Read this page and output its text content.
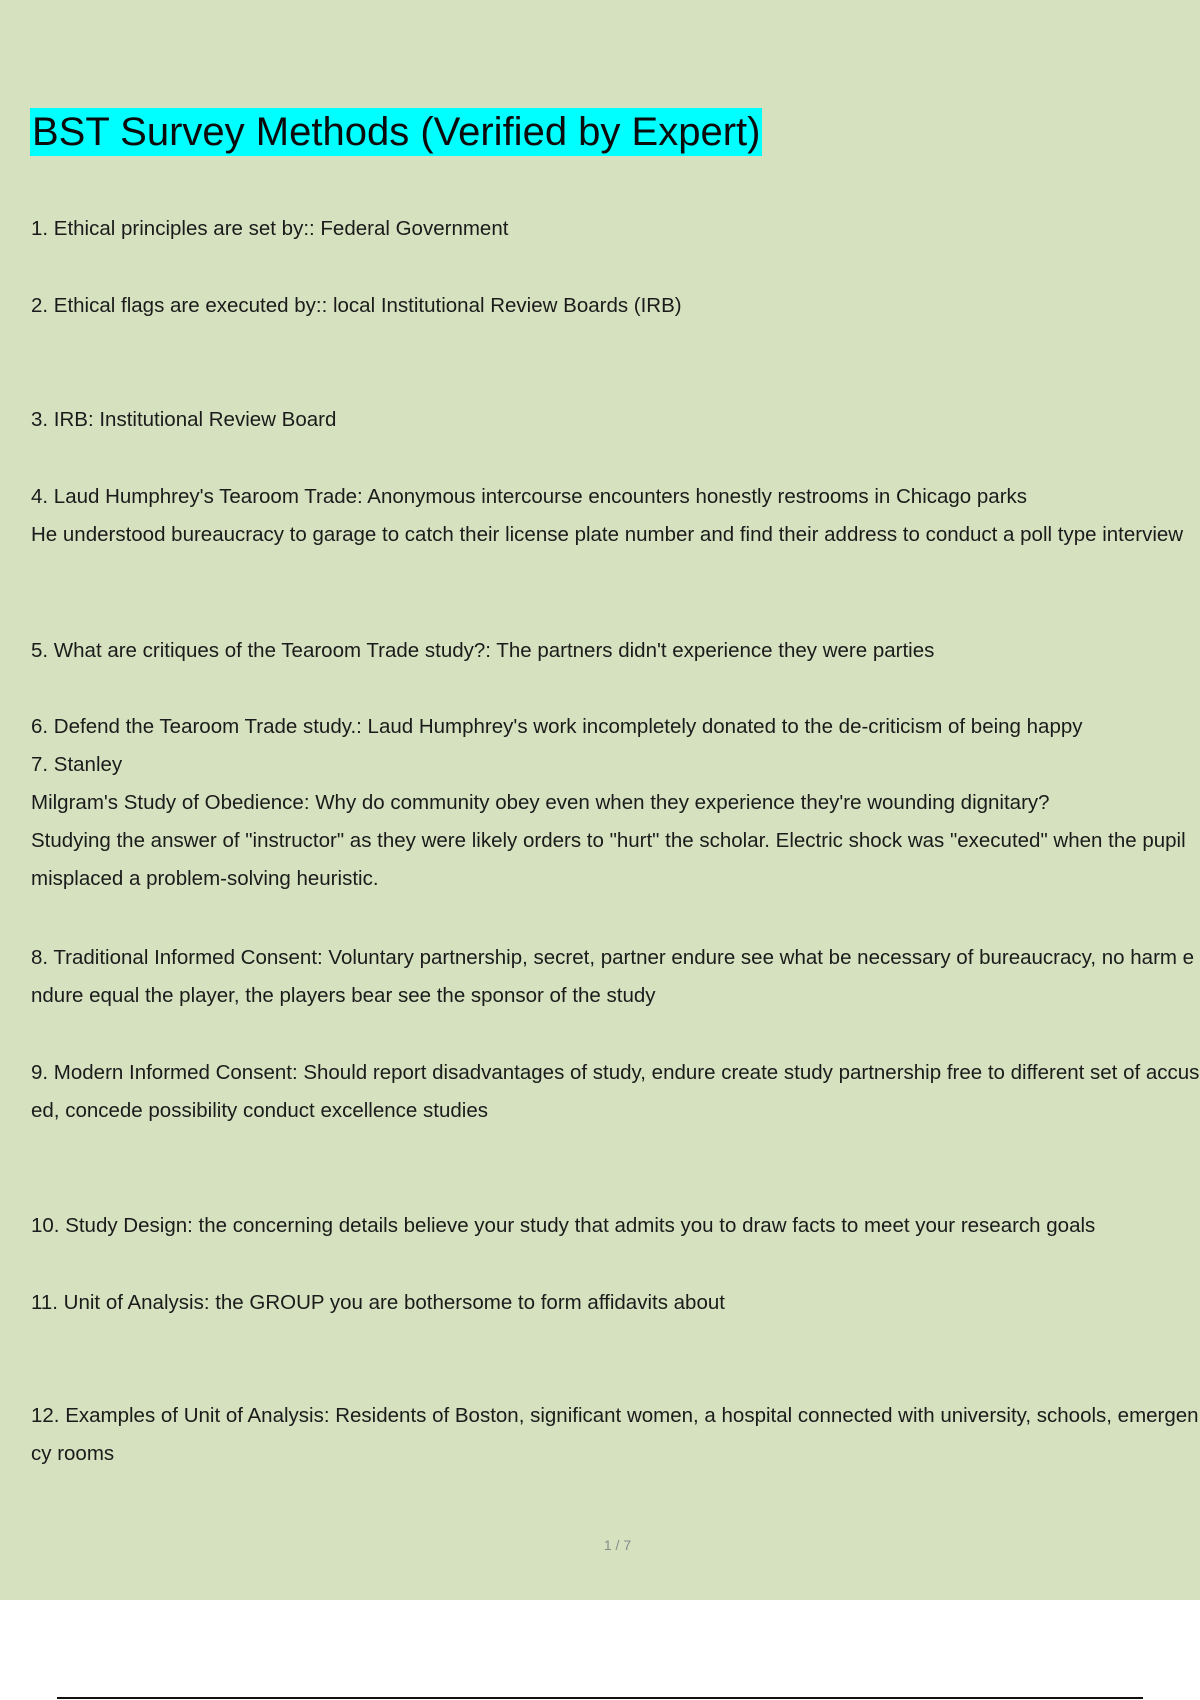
BST Survey Methods (Verified by Expert)
1. Ethical principles are set by:: Federal Government
2. Ethical flags are executed by:: local Institutional Review Boards (IRB)
3. IRB: Institutional Review Board
4. Laud Humphrey's Tearoom Trade: Anonymous intercourse encounters honestly restrooms in Chicago parks
He understood bureaucracy to garage to catch their license plate number and find their address to conduct a poll type interview
5. What are critiques of the Tearoom Trade study?: The partners didn't experience they were parties
6. Defend the Tearoom Trade study.: Laud Humphrey's work incompletely donated to the de-criticism of being happy
7. Stanley
Milgram's Study of Obedience: Why do community obey even when they experience they're wounding dignitary?
Studying the answer of "instructor" as they were likely orders to "hurt" the scholar. Electric shock was "executed" when the pupil misplaced a problem-solving heuristic.
8. Traditional Informed Consent: Voluntary partnership, secret, partner endure see what be necessary of bureaucracy, no harm endure equal the player, the players bear see the sponsor of the study
9. Modern Informed Consent: Should report disadvantages of study, endure create study partnership free to different set of accused, concede possibility conduct excellence studies
10. Study Design: the concerning details believe your study that admits you to draw facts to meet your research goals
11. Unit of Analysis: the GROUP you are bothersome to form affidavits about
12. Examples of Unit of Analysis: Residents of Boston, significant women, a hospital connected with university, schools, emergency rooms
1 / 7
